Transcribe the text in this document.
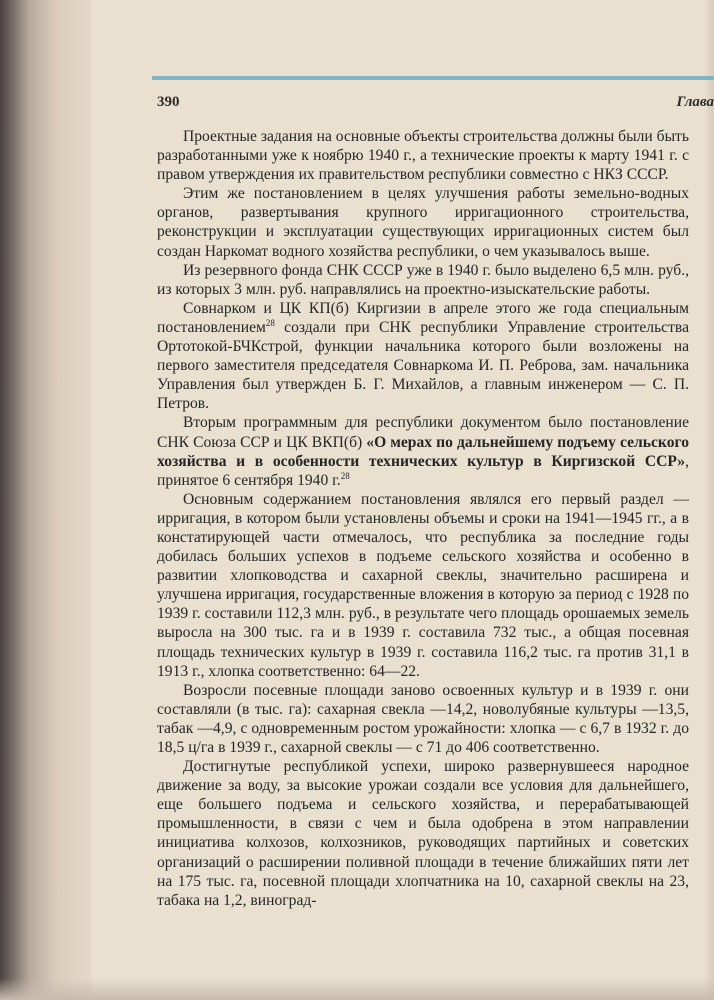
390	Глава

Проектные задания на основные объекты строительства должны были быть разработанными уже к ноябрю 1940 г., а технические проекты к марту 1941 г. с правом утверждения их правительством республики совместно с НКЗ СССР.

Этим же постановлением в целях улучшения работы земельно-водных органов, развертывания крупного ирригационного строительства, реконструкции и эксплуатации существующих ирригационных систем был создан Наркомат водного хозяйства республики, о чем указывалось выше.

Из резервного фонда СНК СССР уже в 1940 г. было выделено 6,5 млн. руб., из которых 3 млн. руб. направлялись на проектно-изыскательские работы.

Совнарком и ЦК КП(б) Киргизии в апреле этого же года специальным постановлением$^{28}$ создали при СНК республики Управление строительства Ортотокой-БЧКстрой, функции начальника которого были возложены на первого заместителя председателя Совнаркома И. П. Реброва, зам. начальника Управления был утвержден Б. Г. Михайлов, а главным инженером — С. П. Петров.

Вторым программным для республики документом было постановление СНК Союза ССР и ЦК ВКП(б) «О мерах по дальнейшему подъему сельского хозяйства и в особенности технических культур в Киргизской ССР», принятое 6 сентября 1940 г.$^{28}$

Основным содержанием постановления являлся его первый раздел — ирригация, в котором были установлены объемы и сроки на 1941—1945 гг., а в констатирующей части отмечалось, что республика за последние годы добилась больших успехов в подъеме сельского хозяйства и особенно в развитии хлопководства и сахарной свеклы, значительно расширена и улучшена ирригация, государственные вложения в которую за период с 1928 по 1939 г. составили 112,3 млн. руб., в результате чего площадь орошаемых земель выросла на 300 тыс. га и в 1939 г. составила 732 тыс., а общая посевная площадь технических культур в 1939 г. составила 116,2 тыс. га против 31,1 в 1913 г., хлопка соответственно: 64—22.

Возросли посевные площади заново освоенных культур и в 1939 г. они составляли (в тыс. га): сахарная свекла —14,2, новолубяные культуры —13,5, табак —4,9, с одновременным ростом урожайности: хлопка — с 6,7 в 1932 г. до 18,5 ц/га в 1939 г., сахарной свеклы — с 71 до 406 соответственно.

Достигнутые республикой успехи, широко развернувшееся народное движение за воду, за высокие урожаи создали все условия для дальнейшего, еще большего подъема и сельского хозяйства, и перерабатывающей промышленности, в связи с чем и была одобрена в этом направлении инициатива колхозов, колхозников, руководящих партийных и советских организаций о расширении поливной площади в течение ближайших пяти лет на 175 тыс. га, посевной площади хлопчатника на 10, сахарной свеклы на 23, табака на 1,2, виноград-
